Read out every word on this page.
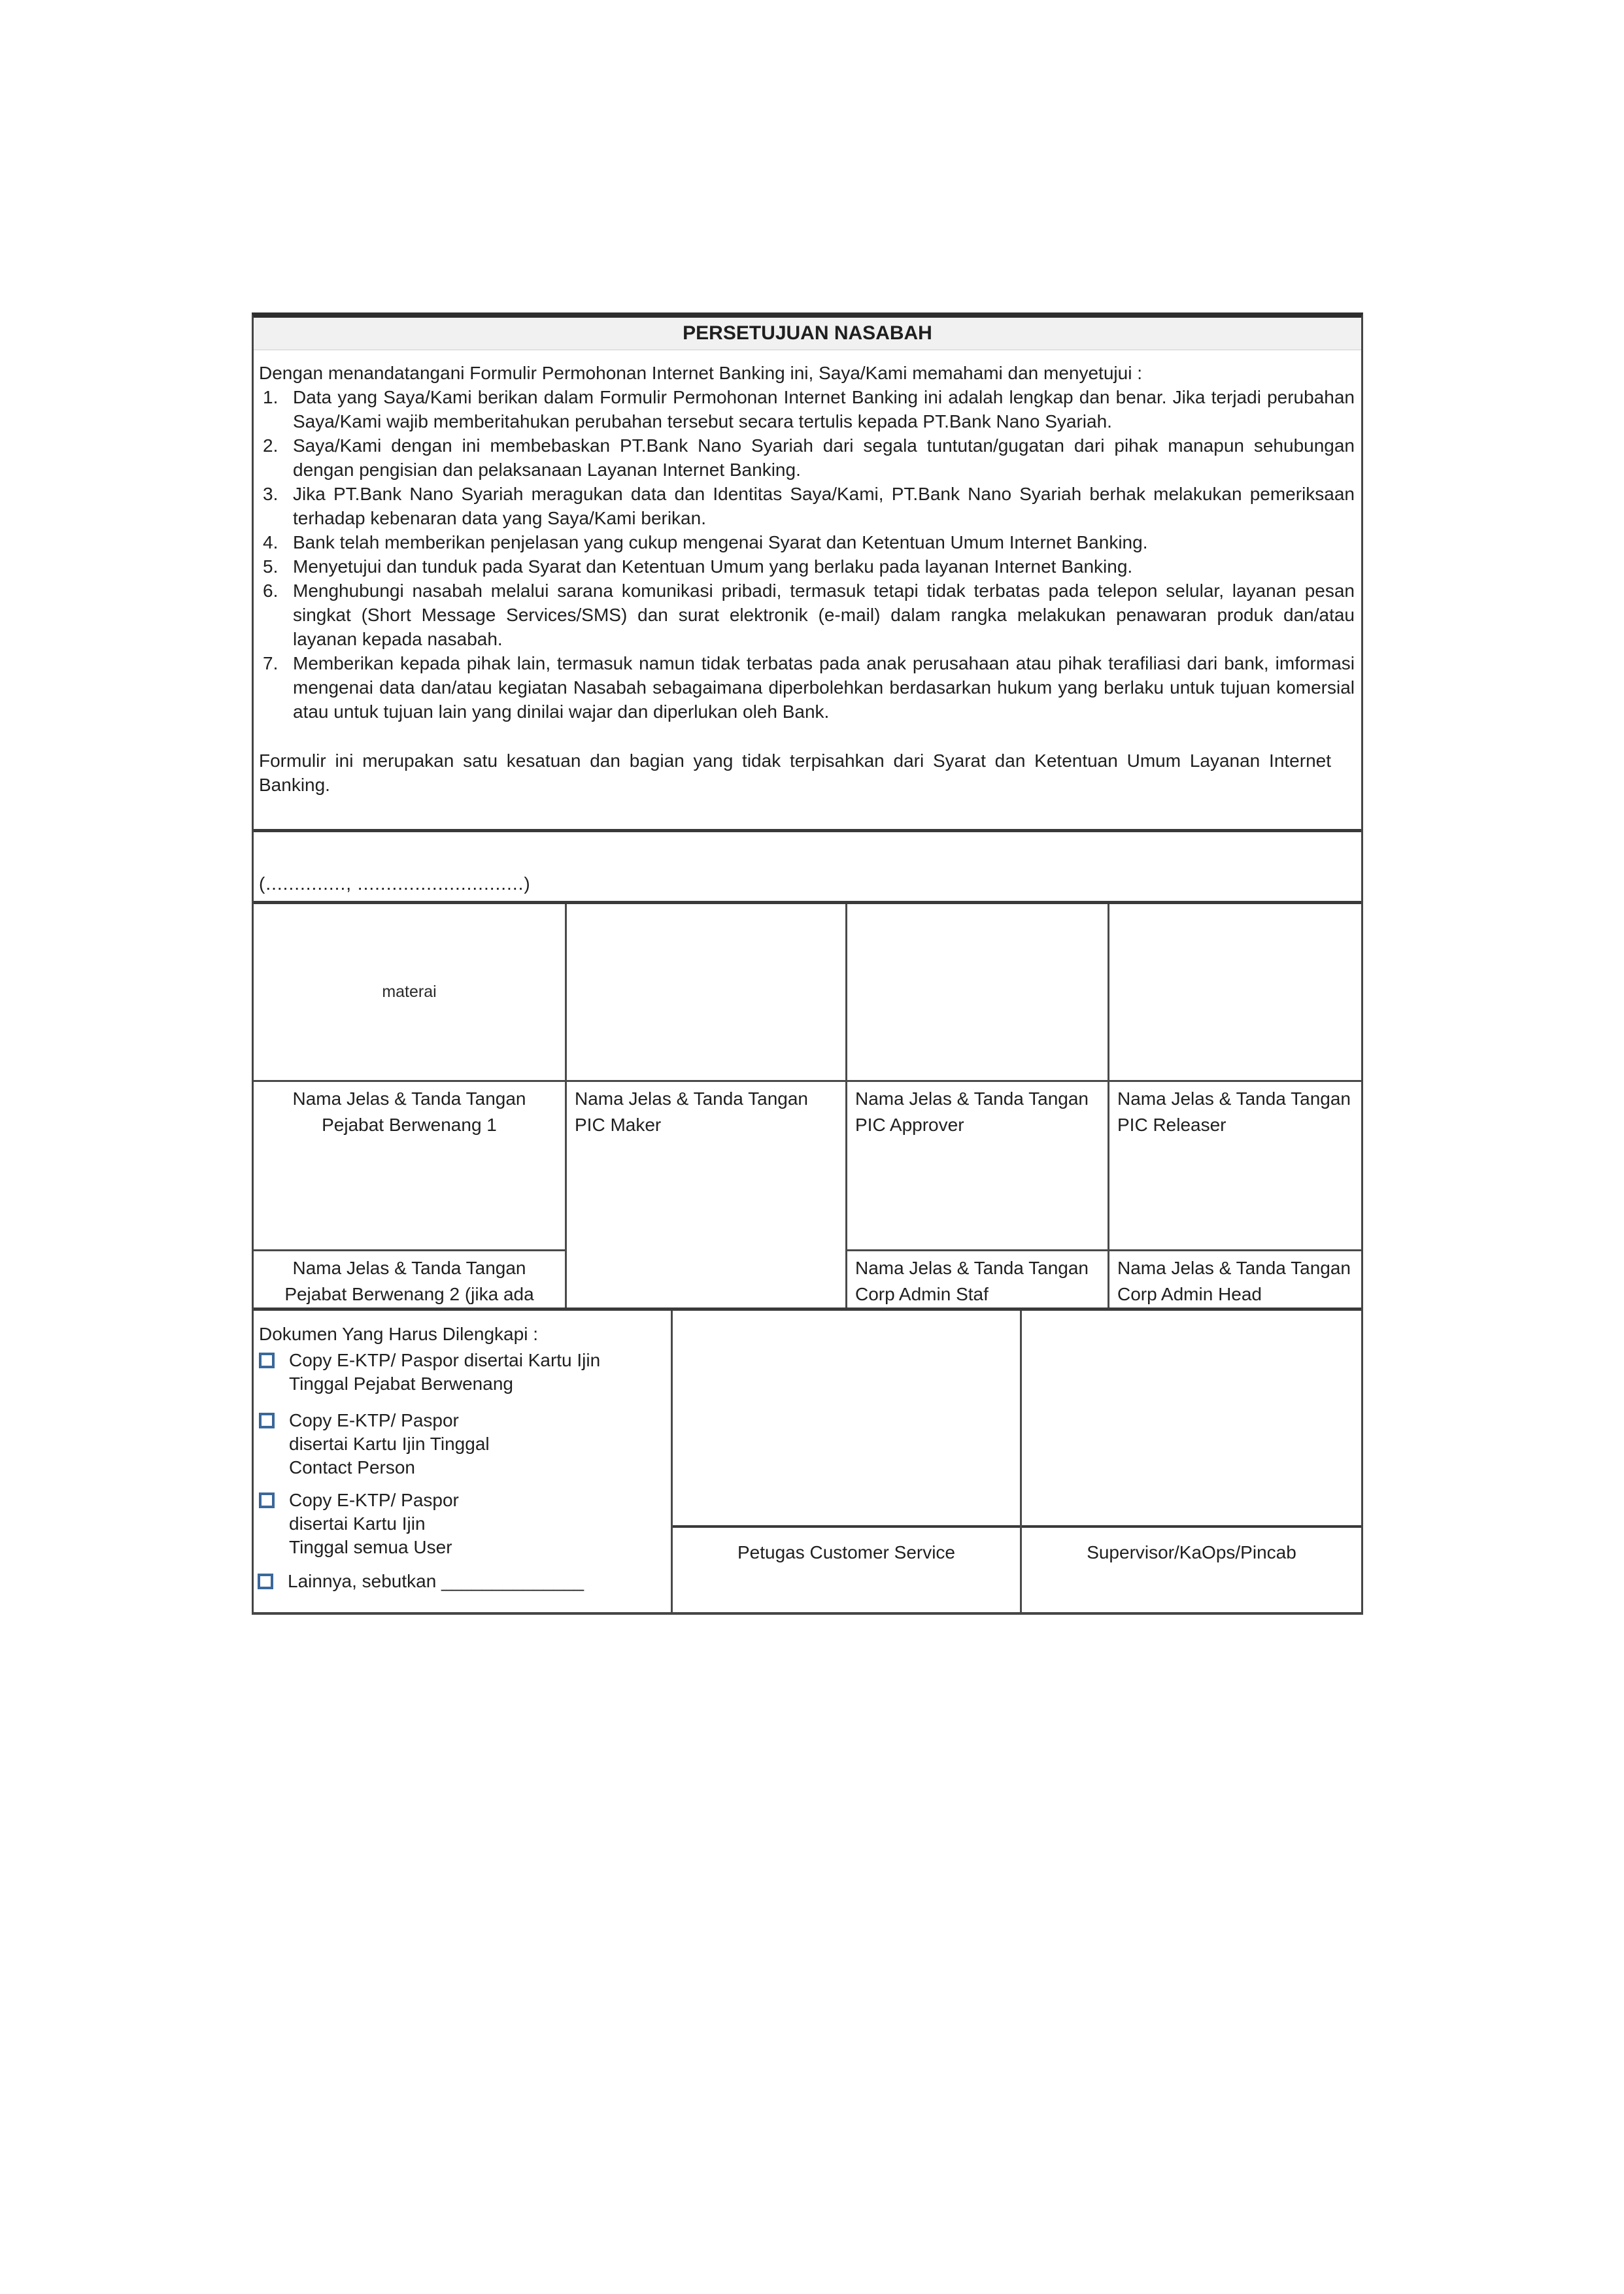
PERSETUJUAN NASABAH
Dengan menandatangani Formulir Permohonan Internet Banking ini, Saya/Kami memahami dan menyetujui :
1. Data yang Saya/Kami berikan dalam Formulir Permohonan Internet Banking ini adalah lengkap dan benar. Jika terjadi perubahan Saya/Kami wajib memberitahukan perubahan tersebut secara tertulis kepada PT.Bank Nano Syariah.
2. Saya/Kami dengan ini membebaskan PT.Bank Nano Syariah dari segala tuntutan/gugatan dari pihak manapun sehubungan dengan pengisian dan pelaksanaan Layanan Internet Banking.
3. Jika PT.Bank Nano Syariah meragukan data dan Identitas Saya/Kami, PT.Bank Nano Syariah berhak melakukan pemeriksaan terhadap kebenaran data yang Saya/Kami berikan.
4. Bank telah memberikan penjelasan yang cukup mengenai Syarat dan Ketentuan Umum Internet Banking.
5. Menyetujui dan tunduk pada Syarat dan Ketentuan Umum yang berlaku pada layanan Internet Banking.
6. Menghubungi nasabah melalui sarana komunikasi pribadi, termasuk tetapi tidak terbatas pada telepon selular, layanan pesan singkat (Short Message Services/SMS) dan surat elektronik (e-mail) dalam rangka melakukan penawaran produk dan/atau layanan kepada nasabah.
7. Memberikan kepada pihak lain, termasuk namun tidak terbatas pada anak perusahaan atau pihak terafiliasi dari bank, imformasi mengenai data dan/atau kegiatan Nasabah sebagaimana diperbolehkan berdasarkan hukum yang berlaku untuk tujuan komersial atau untuk tujuan lain yang dinilai wajar dan diperlukan oleh Bank.
Formulir ini merupakan satu kesatuan dan bagian yang tidak terpisahkan dari Syarat dan Ketentuan Umum Layanan Internet Banking.
(.............., .............................)
materai
Nama Jelas & Tanda Tangan
Pejabat Berwenang 1
Nama Jelas & Tanda Tangan
Pejabat Berwenang 2 (jika ada
Nama Jelas & Tanda Tangan
PIC Maker
Nama Jelas & Tanda Tangan
PIC Approver
Nama Jelas & Tanda Tangan
Corp Admin Staf
Nama Jelas & Tanda Tangan
PIC Releaser
Nama Jelas & Tanda Tangan
Corp Admin Head
Dokumen Yang Harus Dilengkapi :
Copy E-KTP/ Paspor disertai Kartu Ijin
Tinggal Pejabat Berwenang
Copy E-KTP/ Paspor
disertai Kartu Ijin Tinggal
Contact Person
Copy E-KTP/ Paspor
disertai Kartu Ijin
Tinggal semua User
Lainnya, sebutkan ______________
Petugas Customer Service	Supervisor/KaOps/Pincab
